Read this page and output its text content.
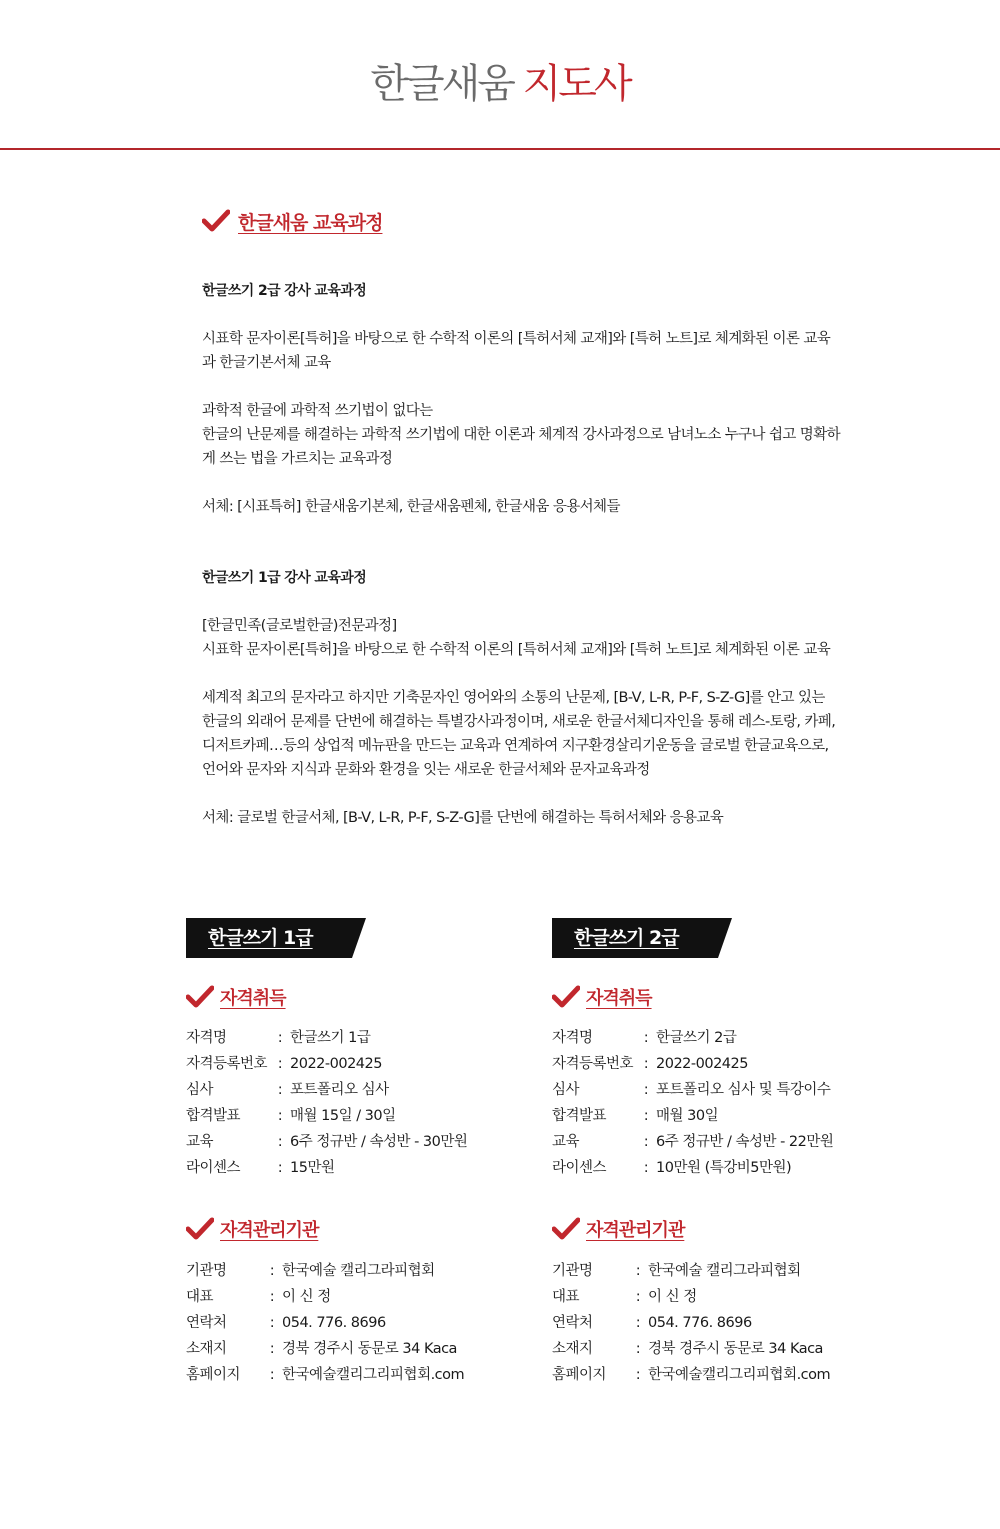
한글새움 지도사
한글새움 교육과정
한글쓰기 2급 강사 교육과정

시표학 문자이론[특허]을 바탕으로 한 수학적 이론의 [특허서체 교재]와 [특허 노트]로 체계화된 이론 교육과 한글기본서체 교육

과학적 한글에 과학적 쓰기법이 없다는
한글의 난문제를 해결하는 과학적 쓰기법에 대한 이론과 체계적 강사과정으로 남녀노소 누구나 쉽고 명확하게 쓰는 법을 가르치는 교육과정

서체: [시표특허] 한글새움기본체, 한글새움펜체, 한글새움 응용서체들

한글쓰기 1급 강사 교육과정

[한글민족(글로벌한글)전문과정]
시표학 문자이론[특허]을 바탕으로 한 수학적 이론의 [특허서체 교재]와 [특허 노트]로 체계화된 이론 교육

세계적 최고의 문자라고 하지만 기축문자인 영어와의 소통의 난문제, [B-V, L-R, P-F, S-Z-G]를 안고 있는 한글의 외래어 문제를 단번에 해결하는 특별강사과정이며, 새로운 한글서체디자인을 통해 레스-토랑, 카페, 디저트카페…등의 상업적 메뉴판을 만드는 교육과 연계하여 지구환경살리기운동을 글로벌 한글교육으로, 언어와 문자와 지식과 문화와 환경을 잇는 새로운 한글서체와 문자교육과정

서체: 글로벌 한글서체, [B-V, L-R, P-F, S-Z-G]를 단번에 해결하는 특허서체와 응용교육

한글쓰기 1급
자격취득
자격명	: 한글쓰기 1급
자격등록번호 : 2022-002425
심사	: 포트폴리오 심사
합격발표	: 매월 15일 / 30일
교육	: 6주 정규반 / 속성반 - 30만원
라이센스	: 15만원
자격관리기관
기관명	: 한국예술 캘리그라피협회
대표	: 이 신 정
연락처	: 054. 776. 8696
소재지	: 경북 경주시 동문로 34 Kaca
홈페이지	: 한국예술캘리그리피협회.com
한글쓰기 2급
자격취득
자격명	: 한글쓰기 2급
자격등록번호 : 2022-002425
심사	: 포트폴리오 심사 및 특강이수
합격발표	: 매월 30일
교육	: 6주 정규반 / 속성반 - 22만원
라이센스	: 10만원 (특강비5만원)
자격관리기관
기관명	: 한국예술 캘리그라피협회
대표	: 이 신 정
연락처	: 054. 776. 8696
소재지	: 경북 경주시 동문로 34 Kaca
홈페이지	: 한국예술캘리그리피협회.com
